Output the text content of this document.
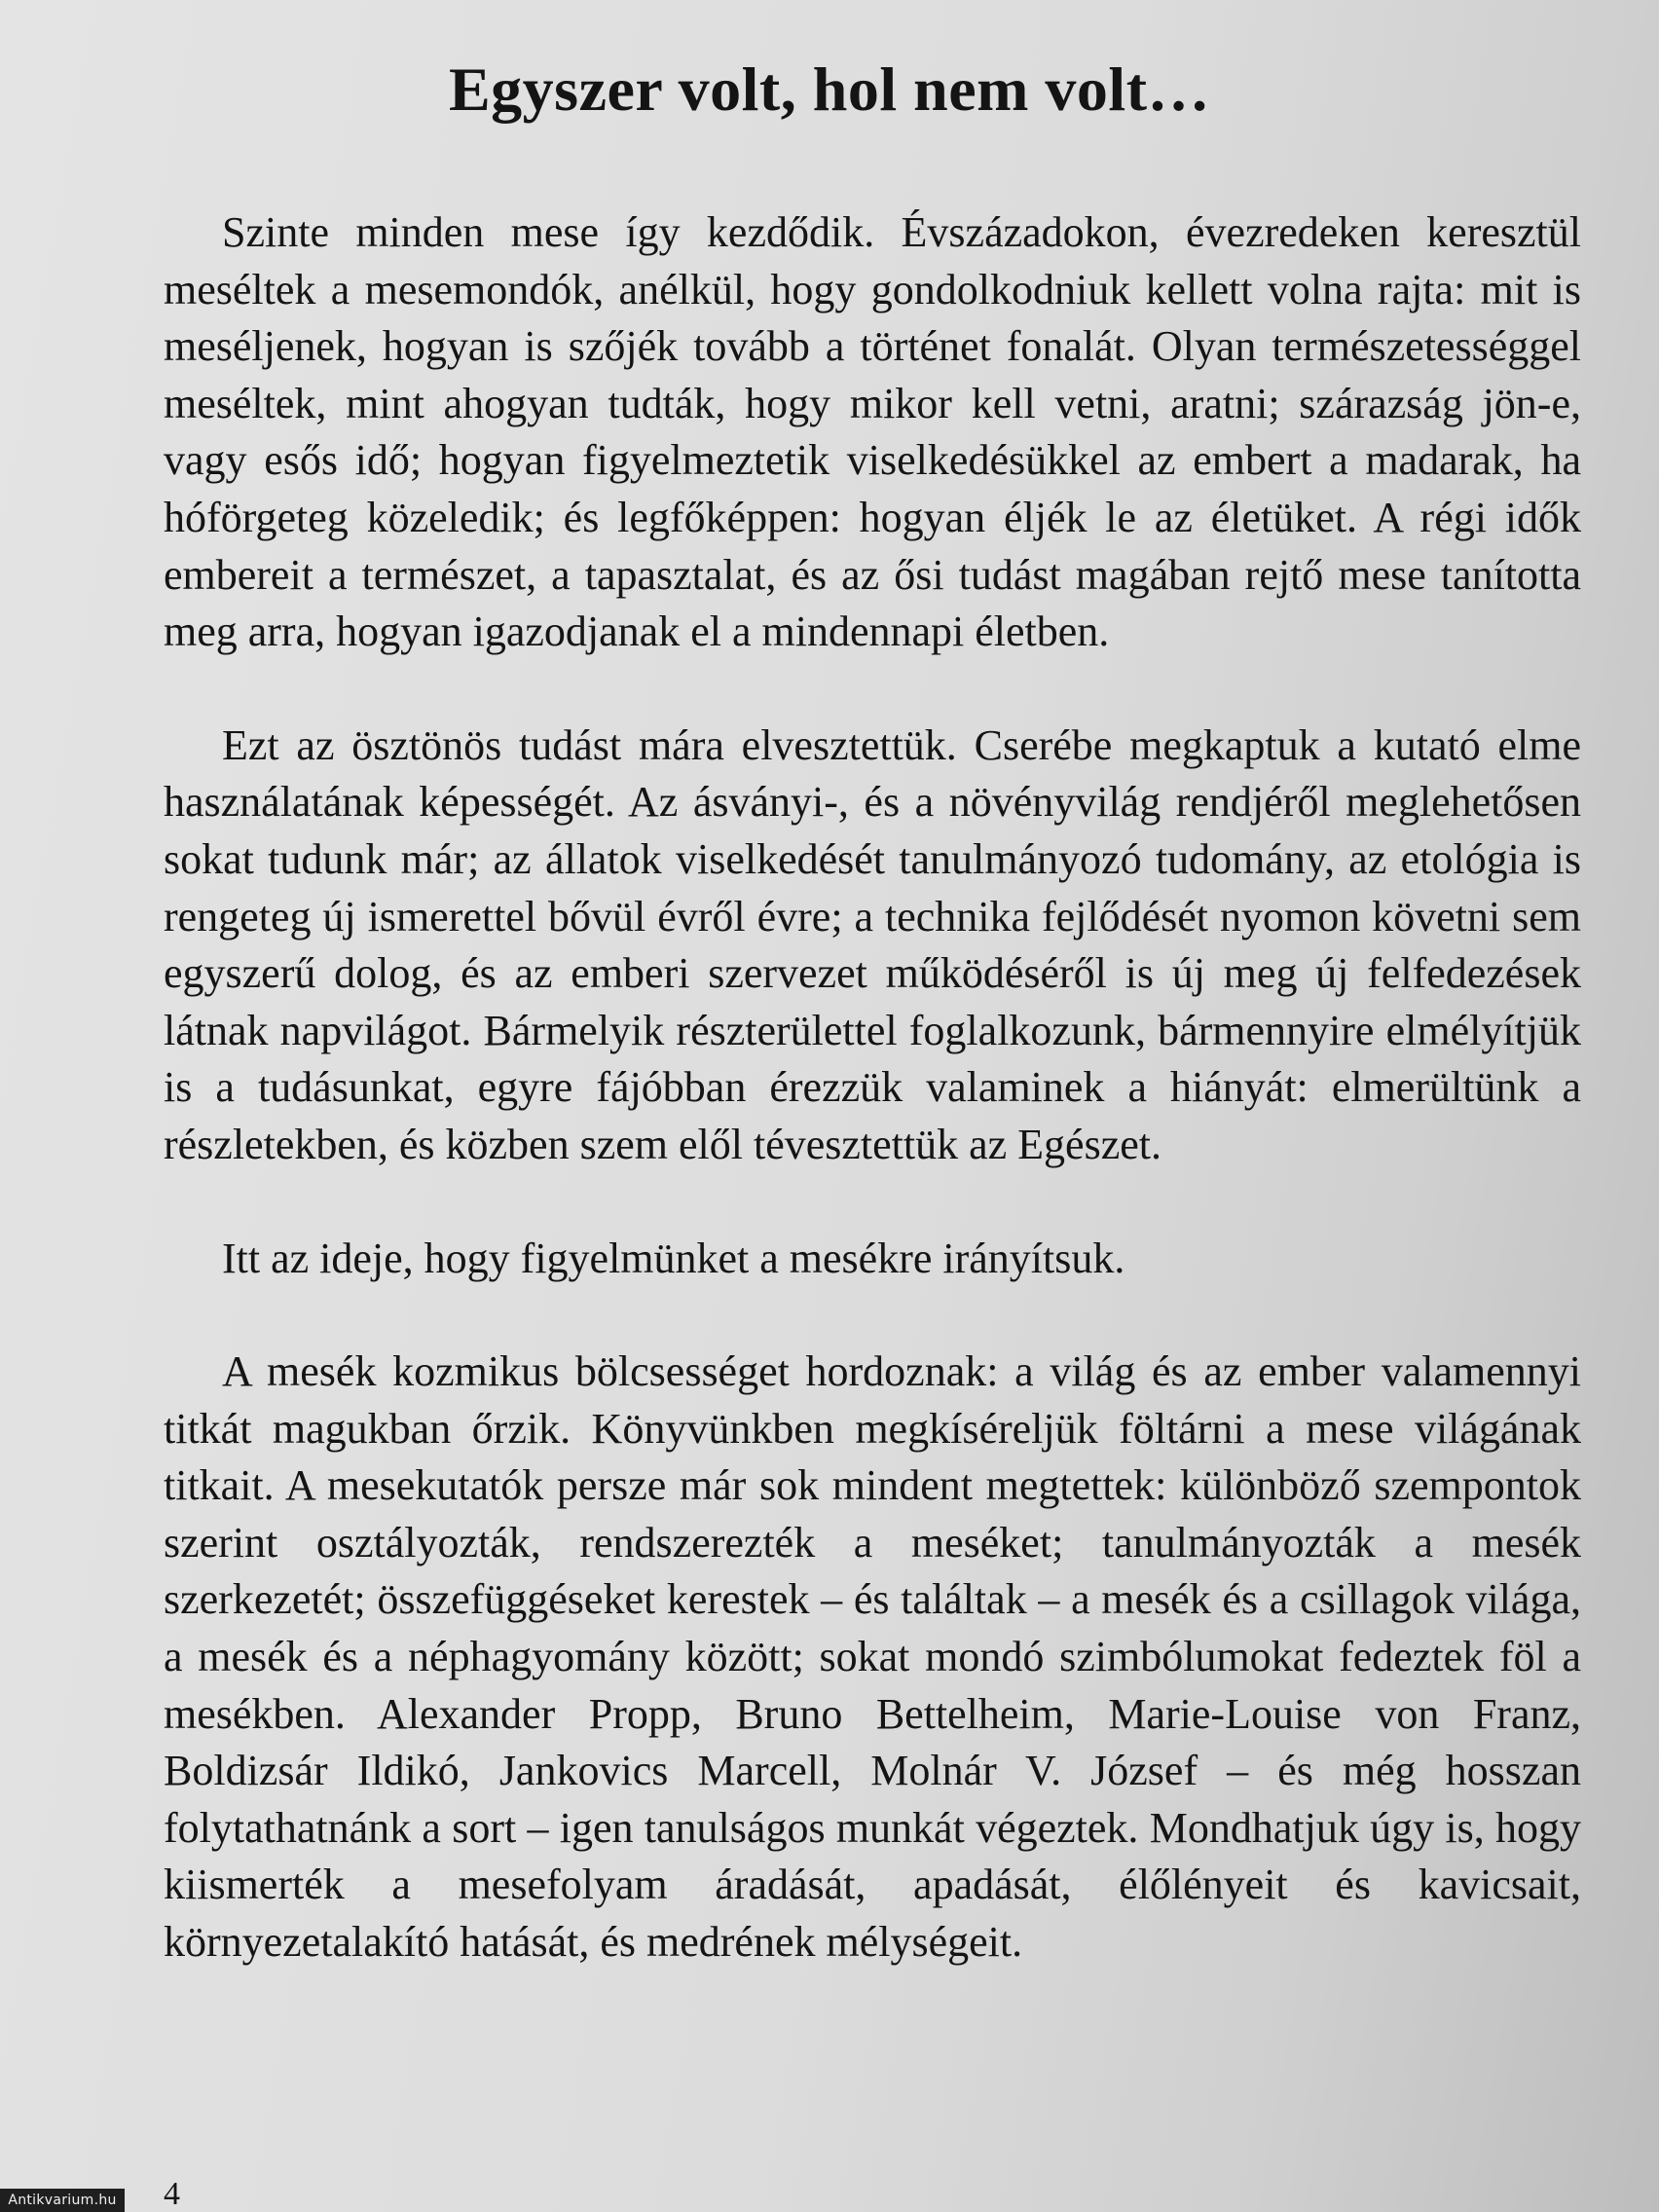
Egyszer volt, hol nem volt…

Szinte minden mese így kezdődik. Évszázadokon, évezredeken keresztül meséltek a mesemondók, anélkül, hogy gondolkodniuk kellett volna rajta: mit is meséljenek, hogyan is szőjék tovább a történet fonalát. Olyan természetességgel meséltek, mint ahogyan tudták, hogy mikor kell vetni, aratni; szárazság jön-e, vagy esős idő; hogyan figyelmeztetik viselkedésükkel az embert a madarak, ha hóförgeteg közeledik; és legfőképpen: hogyan éljék le az életüket. A régi idők embereit a természet, a tapasztalat, és az ősi tudást magában rejtő mese tanította meg arra, hogyan igazodjanak el a mindennapi életben.

Ezt az ösztönös tudást mára elvesztettük. Cserébe megkaptuk a kutató elme használatának képességét. Az ásványi-, és a növényvilág rendjéről meglehetősen sokat tudunk már; az állatok viselkedését tanulmányozó tudomány, az etológia is rengeteg új ismerettel bővül évről évre; a technika fejlődését nyomon követni sem egyszerű dolog, és az emberi szervezet működéséről is új meg új felfedezések látnak napvilágot. Bármelyik részterülettel foglalkozunk, bármennyire elmélyítjük is a tudásunkat, egyre fájóbban érezzük valaminek a hiányát: elmerültünk a részletekben, és közben szem elől tévesztettük az Egészet.

Itt az ideje, hogy figyelmünket a mesékre irányítsuk.

A mesék kozmikus bölcsességet hordoznak: a világ és az ember valamennyi titkát magukban őrzik. Könyvünkben megkíséreljük föltárni a mese világának titkait. A mesekutatók persze már sok mindent megtettek: különböző szempontok szerint osztályozták, rendszerezték a meséket; tanulmányozták a mesék szerkezetét; összefüggéseket kerestek – és találtak – a mesék és a csillagok világa, a mesék és a néphagyomány között; sokat mondó szimbólumokat fedeztek föl a mesékben. Alexander Propp, Bruno Bettelheim, Marie-Louise von Franz, Boldizsár Ildikó, Jankovics Marcell, Molnár V. József – és még hosszan folytathatnánk a sort – igen tanulságos munkát végeztek. Mondhatjuk úgy is, hogy kiismerték a mesefolyam áradását, apadását, élőlényeit és kavicsait, környezetalakító hatását, és medrének mélységeit.

4
Antikvarium.hu
